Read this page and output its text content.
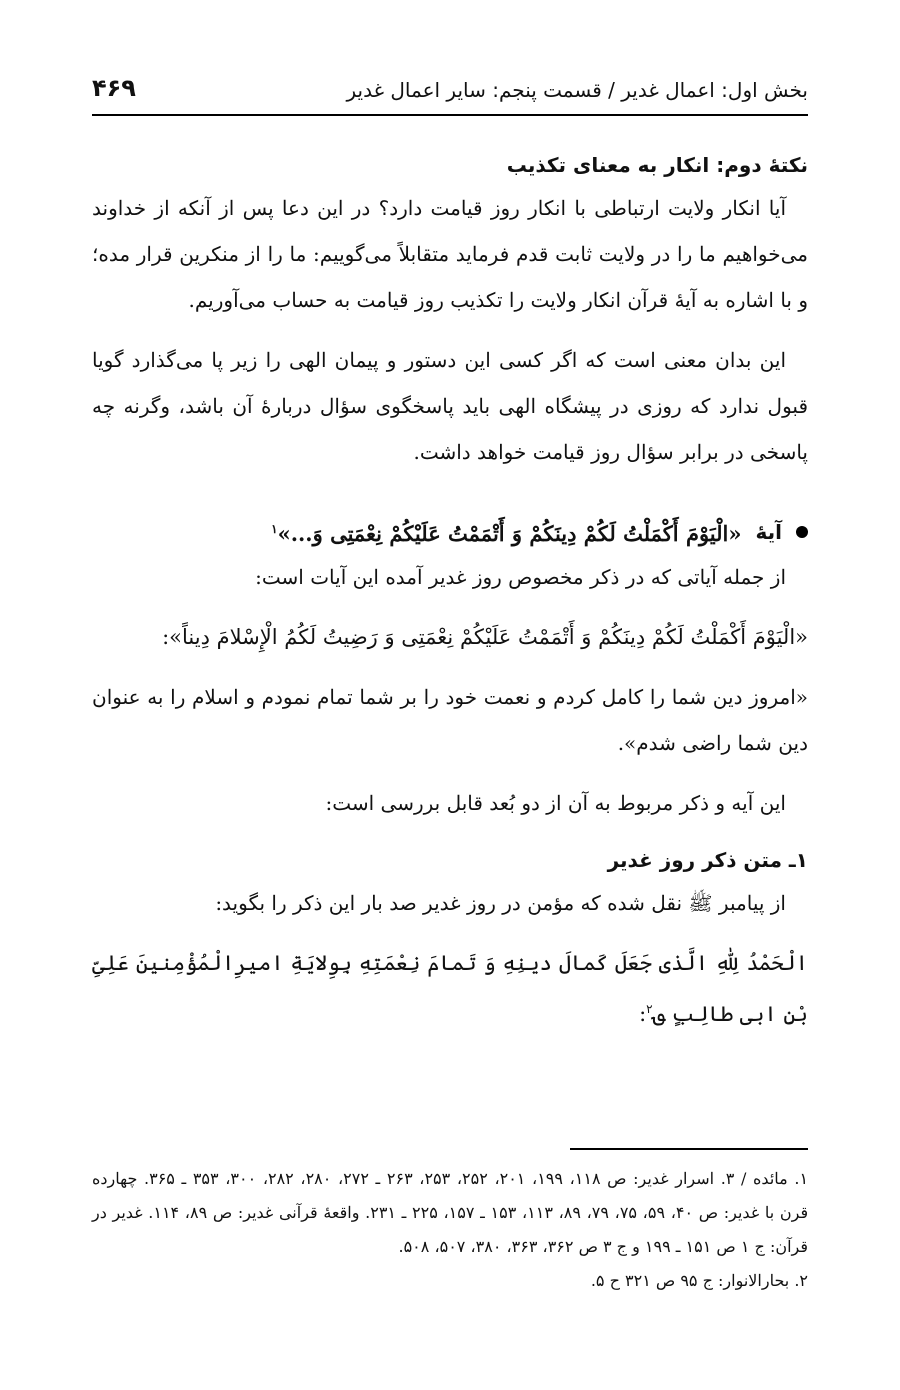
بخش اول: اعمال غدیر / قسمت پنجم: سایر اعمال غدیر
۴۶۹

نکتهٔ دوم: انکار به معنای تکذیب

آیا انکار ولایت ارتباطی با انکار روز قیامت دارد؟ در این دعا پس از آنکه از خداوند می‌خواهیم ما را در ولایت ثابت قدم فرماید متقابلاً می‌گوییم: ما را از منکرین قرار مده؛ و با اشاره به آیهٔ قرآن انکار ولایت را تکذیب روز قیامت به حساب می‌آوریم.

این بدان معنی است که اگر کسی این دستور و پیمان الهی را زیر پا می‌گذارد گویا قبول ندارد که روزی در پیشگاه الهی باید پاسخگوی سؤال دربارهٔ آن باشد، وگرنه چه پاسخی در برابر سؤال روز قیامت خواهد داشت.

آیهٔ
«الْیَوْمَ أَکْمَلْتُ لَکُمْ دِینَکُمْ وَ أَتْمَمْتُ عَلَیْکُمْ نِعْمَتِی وَ...»$^۱$

از جمله آیاتی که در ذکر مخصوص روز غدیر آمده این آیات است:

«الْیَوْمَ أَکْمَلْتُ لَکُمْ دِینَکُمْ وَ أَتْمَمْتُ عَلَیْکُمْ نِعْمَتِی وَ رَضِیتُ لَکُمُ الْإِسْلامَ دِیناً»:

«امروز دین شما را کامل کردم و نعمت خود را بر شما تمام نمودم و اسلام را به عنوان دین شما راضی شدم».

این آیه و ذکر مربوط به آن از دو بُعد قابل بررسی است:

۱ـ متن ذکر روز غدیر

از پیامبر ﷺ نقل شده که مؤمن در روز غدیر صد بار این ذکر را بگوید:

الْحَمْدُ لِلّٰهِ الَّذی جَعَلَ کَمالَ دینِهِ وَ تَمامَ نِعْمَتِهِ بِوِلایَةِ امیرِالْمُؤْمِنینَ عَلِیِّ بْنِ ابی طالِبٍ ؈$^۲$:

۱. مائده / ۳. اسرار غدیر: ص ۱۱۸، ۱۹۹، ۲۰۱، ۲۵۲، ۲۵۳، ۲۶۳ ـ ۲۷۲، ۲۸۰، ۲۸۲، ۳۰۰، ۳۵۳ ـ ۳۶۵. چهارده قرن با غدیر: ص ۴۰، ۵۹، ۷۵، ۷۹، ۸۹، ۱۱۳، ۱۵۳ ـ ۱۵۷، ۲۲۵ ـ ۲۳۱. واقعهٔ قرآنی غدیر: ص ۸۹، ۱۱۴. غدیر در قرآن: ج ۱ ص ۱۵۱ ـ ۱۹۹ و ج ۳ ص ۳۶۲، ۳۶۳، ۳۸۰، ۵۰۷، ۵۰۸.

۲. بحارالانوار: ج ۹۵ ص ۳۲۱ ح ۵.
